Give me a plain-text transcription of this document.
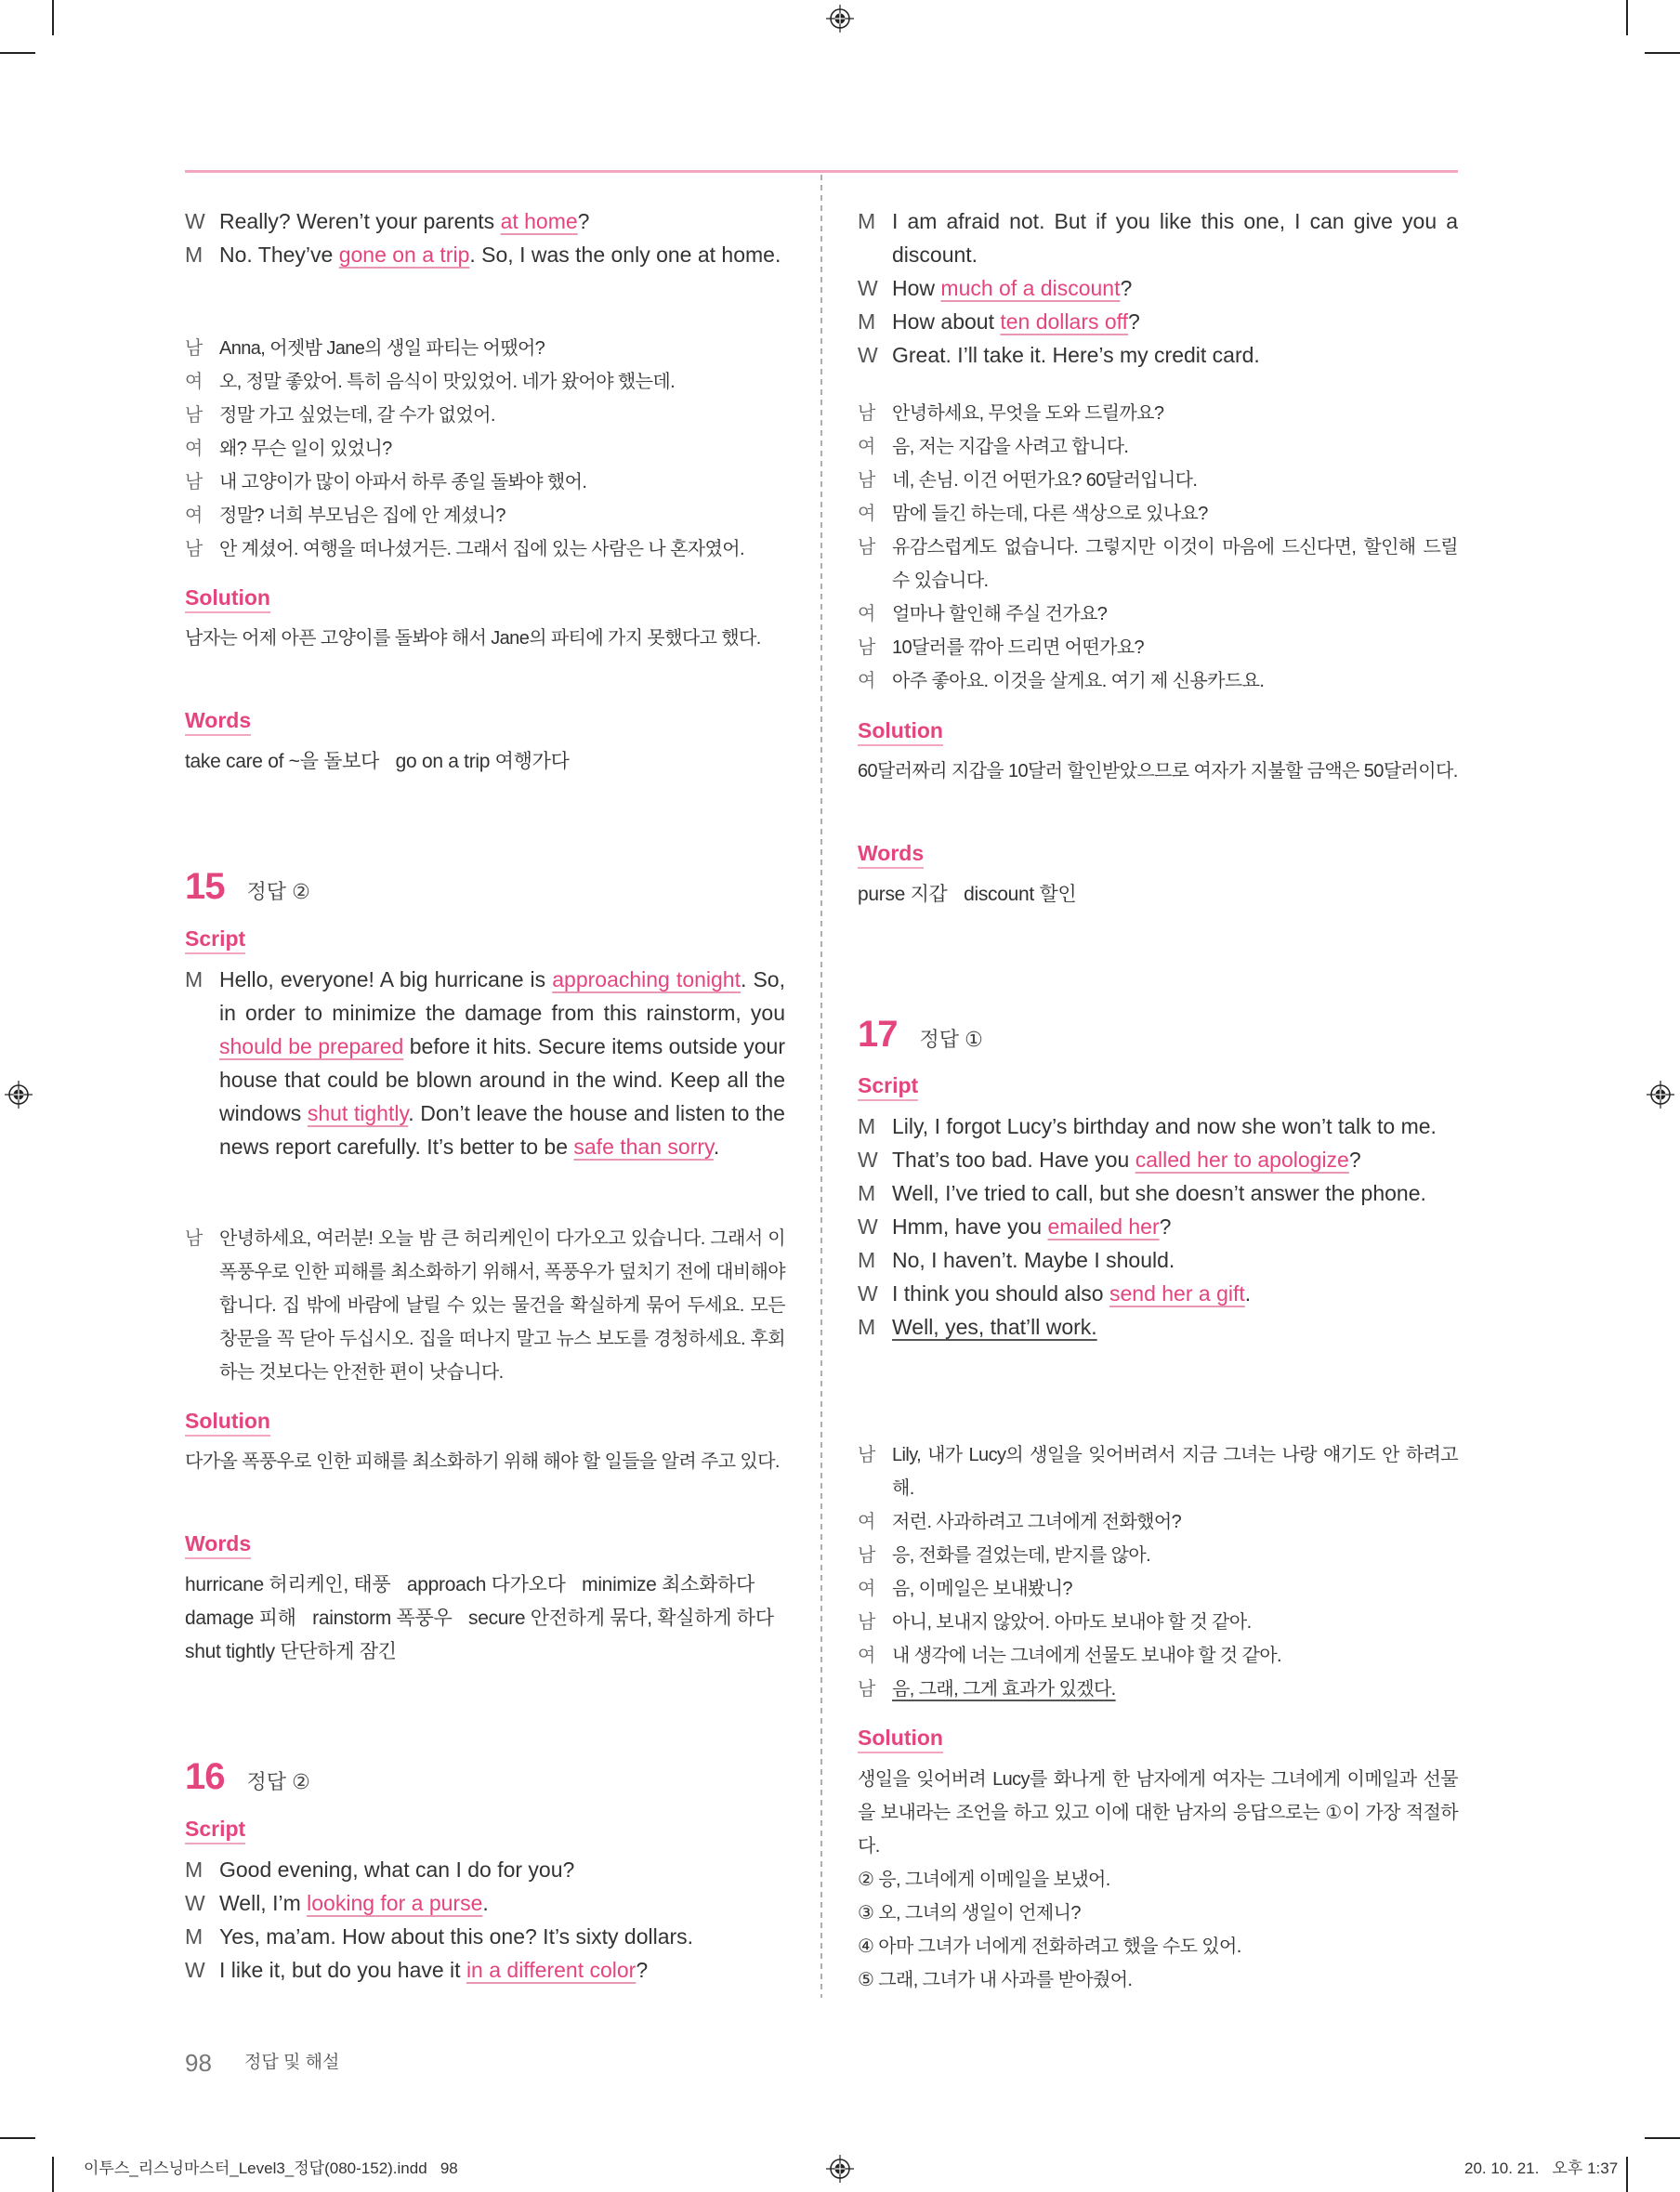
W Really? Weren’t your parents at home?
M No. They’ve gone on a trip. So, I was the only one at home.
남 Anna, 어젯밤 Jane의 생일 파티는 어땠어?
여 오, 정말 좋았어. 특히 음식이 맛있었어. 네가 왔어야 했는데.
남 정말 가고 싶었는데, 갈 수가 없었어.
여 왜? 무슨 일이 있었니?
남 내 고양이가 많이 아파서 하루 종일 돌봐야 했어.
여 정말? 너희 부모님은 집에 안 계셨니?
남 안 계셨어. 여행을 떠나셨거든. 그래서 집에 있는 사람은 나 혼자였어.
Solution
남자는 어제 아픈 고양이를 돌봐야 해서 Jane의 파티에 가지 못했다고 했다.
Words
take care of ~을 돌보다 go on a trip 여행가다
15 정답 ②
Script
M Hello, everyone! A big hurricane is approaching tonight. So, in order to minimize the damage from this rainstorm, you should be prepared before it hits. Secure items outside your house that could be blown around in the wind. Keep all the windows shut tightly. Don’t leave the house and listen to the news report carefully. It’s better to be safe than sorry.
남 안녕하세요, 여러분! 오늘 밤 큰 허리케인이 다가오고 있습니다. 그래서 이 폭풍우로 인한 피해를 최소화하기 위해서, 폭풍우가 덮치기 전에 대비해야 합니다. 집 밖에 바람에 날릴 수 있는 물건을 확실하게 묶어 두세요. 모든 창문을 꼭 닫아 두십시오. 집을 떠나지 말고 뉴스 보도를 경청하세요. 후회하는 것보다는 안전한 편이 낫습니다.
Solution
다가올 폭풍우로 인한 피해를 최소화하기 위해 해야 할 일들을 알려 주고 있다.
Words
hurricane 허리케인, 태풍 approach 다가오다 minimize 최소화하다 damage 피해 rainstorm 폭풍우 secure 안전하게 묶다, 확실하게 하다 shut tightly 단단하게 잠긴
16 정답 ②
Script
M Good evening, what can I do for you?
W Well, I’m looking for a purse.
M Yes, ma’am. How about this one? It’s sixty dollars.
W I like it, but do you have it in a different color?
M I am afraid not. But if you like this one, I can give you a discount.
W How much of a discount?
M How about ten dollars off?
W Great. I’ll take it. Here’s my credit card.
남 안녕하세요, 무엇을 도와 드릴까요?
여 음, 저는 지갑을 사려고 합니다.
남 네, 손님. 이건 어떤가요? 60달러입니다.
여 맘에 들긴 하는데, 다른 색상으로 있나요?
남 유감스럽게도 없습니다. 그렇지만 이것이 마음에 드신다면, 할인해 드릴 수 있습니다.
여 얼마나 할인해 주실 건가요?
남 10달러를 깎아 드리면 어떤가요?
여 아주 좋아요. 이것을 살게요. 여기 제 신용카드요.
Solution
60달러짜리 지갑을 10달러 할인받았으므로 여자가 지불할 금액은 50달러이다.
Words
purse 지갑 discount 할인
17 정답 ①
Script
M Lily, I forgot Lucy’s birthday and now she won’t talk to me.
W That’s too bad. Have you called her to apologize?
M Well, I’ve tried to call, but she doesn’t answer the phone.
W Hmm, have you emailed her?
M No, I haven’t. Maybe I should.
W I think you should also send her a gift.
M Well, yes, that’ll work.
남 Lily, 내가 Lucy의 생일을 잊어버려서 지금 그녀는 나랑 얘기도 안 하려고 해.
여 저런. 사과하려고 그녀에게 전화했어?
남 응, 전화를 걸었는데, 받지를 않아.
여 음, 이메일은 보내봤니?
남 아니, 보내지 않았어. 아마도 보내야 할 것 같아.
여 내 생각에 너는 그녀에게 선물도 보내야 할 것 같아.
남 음, 그래, 그게 효과가 있겠다.
Solution
생일을 잊어버려 Lucy를 화나게 한 남자에게 여자는 그녀에게 이메일과 선물을 보내라는 조언을 하고 있고 이에 대한 남자의 응답으로는 ①이 가장 적절하다.
② 응, 그녀에게 이메일을 보냈어.
③ 오, 그녀의 생일이 언제니?
④ 아마 그녀가 너에게 전화하려고 했을 수도 있어.
⑤ 그래, 그녀가 내 사과를 받아줬어.
98 정답 및 해설
이투스_리스닝마스터_Level3_정답(080-152).indd   98	20. 10. 21.   오후 1:37
